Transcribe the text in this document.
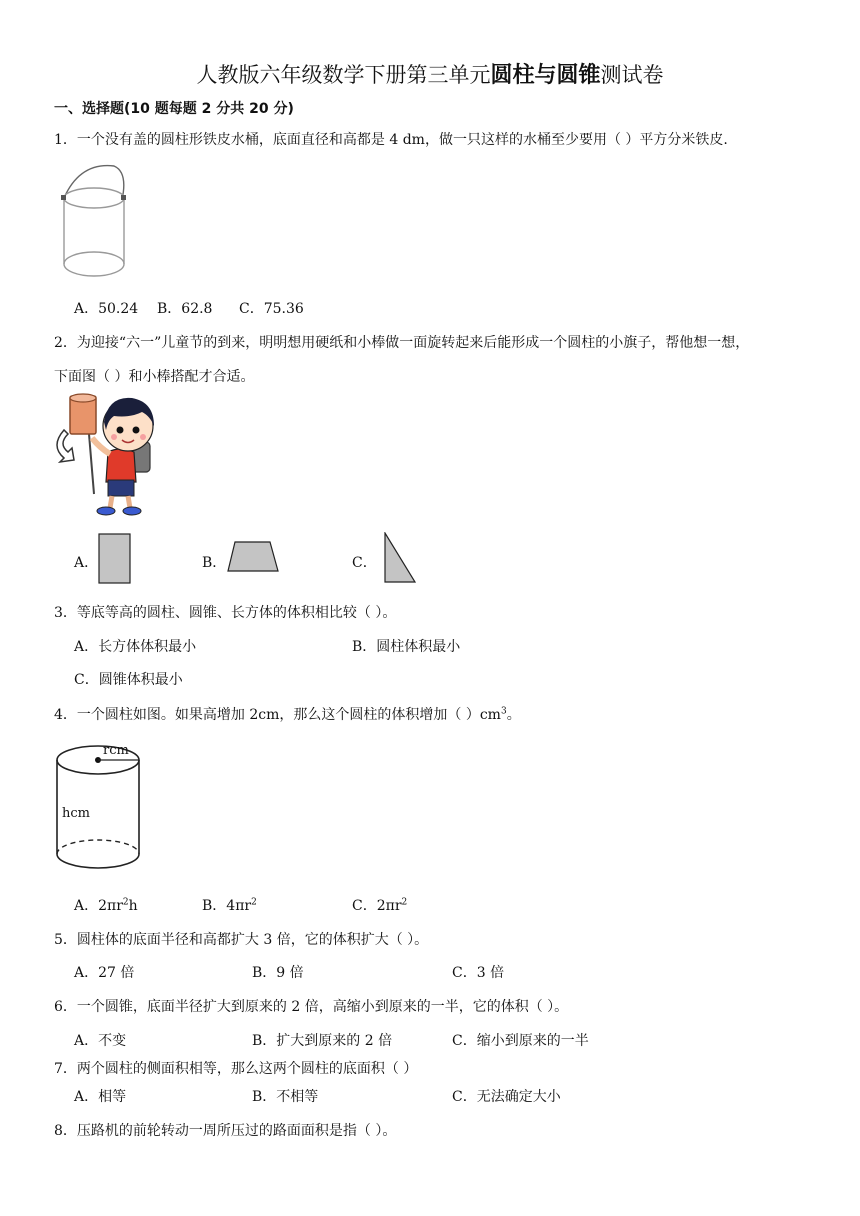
人教版六年级数学下册第三单元圆柱与圆锥测试卷
一、选择题(10 题每题 2 分共 20 分)
1．一个没有盖的圆柱形铁皮水桶，底面直径和高都是 4 dm，做一只这样的水桶至少要用（ ）平方分米铁皮.
A．50.24 B．62.8 C．75.36
2．为迎接“六一”儿童节的到来，明明想用硬纸和小棒做一面旋转起来后能形成一个圆柱的小旗子，帮他想一想，
下面图（ ）和小棒搭配才合适。
A．	B．	C．
3．等底等高的圆柱、圆锥、长方体的体积相比较（ ）。
A．长方体体积最小	B．圆柱体积最小
C．圆锥体积最小
4．一个圆柱如图。如果高增加 2cm，那么这个圆柱的体积增加（ ）$cm^3$。
rcm
hcm
A．$2\pi r^2h$	B．$4\pi r^2$	C．$2\pi r^2$
5．圆柱体的底面半径和高都扩大 3 倍，它的体积扩大（ ）。
A．27 倍	B．9 倍	C．3 倍
6．一个圆锥，底面半径扩大到原来的 2 倍，高缩小到原来的一半，它的体积（ ）。
A．不变	B．扩大到原来的 2 倍	C．缩小到原来的一半
7．两个圆柱的侧面积相等，那么这两个圆柱的底面积（ ）
A．相等	B．不相等	C．无法确定大小
8．压路机的前轮转动一周所压过的路面面积是指（ ）。
